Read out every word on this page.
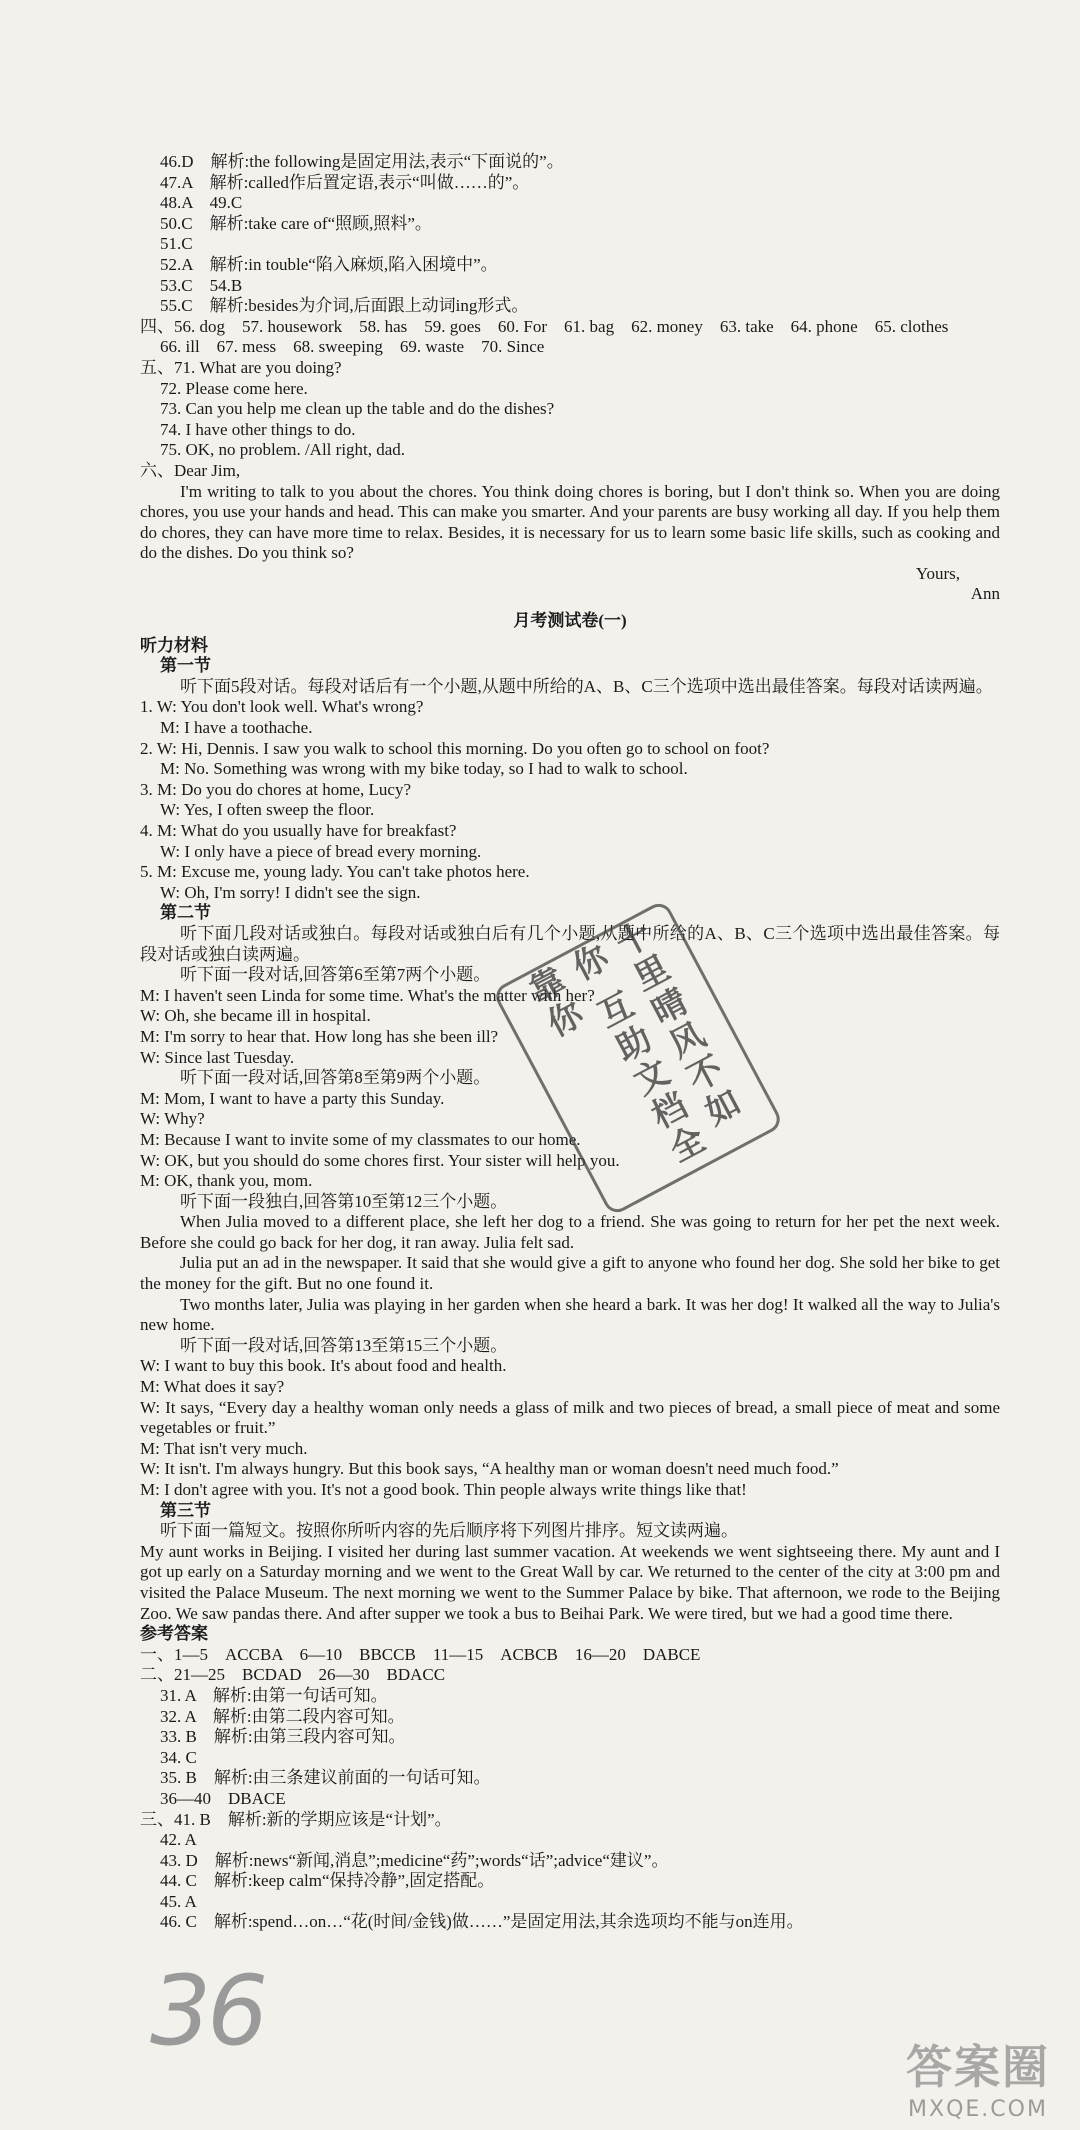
46.D　解析:the following是固定用法,表示“下面说的”。
47.A　解析:called作后置定语,表示“叫做……的”。
48.A　49.C
50.C　解析:take care of“照顾,照料”。
51.C
52.A　解析:in touble“陷入麻烦,陷入困境中”。
53.C　54.B
55.C　解析:besides为介词,后面跟上动词ing形式。
四、56. dog　57. housework　58. has　59. goes　60. For　61. bag　62. money　63. take　64. phone　65. clothes
66. ill　67. mess　68. sweeping　69. waste　70. Since
五、71. What are you doing?
72. Please come here.
73. Can you help me clean up the table and do the dishes?
74. I have other things to do.
75. OK, no problem. /All right, dad.
六、Dear Jim,
I'm writing to talk to you about the chores. You think doing chores is boring, but I don't think so. When you are doing chores, you use your hands and head. This can make you smarter. And your parents are busy working all day. If you help them do chores, they can have more time to relax. Besides, it is necessary for us to learn some basic life skills, such as cooking and do the dishes. Do you think so?
Yours,
Ann
月考测试卷(一)
听力材料
第一节
听下面5段对话。每段对话后有一个小题,从题中所给的A、B、C三个选项中选出最佳答案。每段对话读两遍。
1. W: You don't look well. What's wrong?
M: I have a toothache.
2. W: Hi, Dennis. I saw you walk to school this morning. Do you often go to school on foot?
M: No. Something was wrong with my bike today, so I had to walk to school.
3. M: Do you do chores at home, Lucy?
W: Yes, I often sweep the floor.
4. M: What do you usually have for breakfast?
W: I only have a piece of bread every morning.
5. M: Excuse me, young lady. You can't take photos here.
W: Oh, I'm sorry! I didn't see the sign.
第二节
听下面几段对话或独白。每段对话或独白后有几个小题,从题中所给的A、B、C三个选项中选出最佳答案。每段对话或独白读两遍。
听下面一段对话,回答第6至第7两个小题。
M: I haven't seen Linda for some time. What's the matter with her?
W: Oh, she became ill in hospital.
M: I'm sorry to hear that. How long has she been ill?
W: Since last Tuesday.
听下面一段对话,回答第8至第9两个小题。
M: Mom, I want to have a party this Sunday.
W: Why?
M: Because I want to invite some of my classmates to our home.
W: OK, but you should do some chores first. Your sister will help you.
M: OK, thank you, mom.
听下面一段独白,回答第10至第12三个小题。
When Julia moved to a different place, she left her dog to a friend. She was going to return for her pet the next week. Before she could go back for her dog, it ran away. Julia felt sad.
Julia put an ad in the newspaper. It said that she would give a gift to anyone who found her dog. She sold her bike to get the money for the gift. But no one found it.
Two months later, Julia was playing in her garden when she heard a bark. It was her dog! It walked all the way to Julia's new home.
听下面一段对话,回答第13至第15三个小题。
W: I want to buy this book. It's about food and health.
M: What does it say?
W: It says, “Every day a healthy woman only needs a glass of milk and two pieces of bread, a small piece of meat and some vegetables or fruit.”
M: That isn't very much.
W: It isn't. I'm always hungry. But this book says, “A healthy man or woman doesn't need much food.”
M: I don't agree with you. It's not a good book. Thin people always write things like that!
第三节
听下面一篇短文。按照你所听内容的先后顺序将下列图片排序。短文读两遍。
My aunt works in Beijing. I visited her during last summer vacation. At weekends we went sightseeing there. My aunt and I got up early on a Saturday morning and we went to the Great Wall by car. We returned to the center of the city at 3:00 pm and visited the Palace Museum. The next morning we went to the Summer Palace by bike. That afternoon, we rode to the Beijing Zoo. We saw pandas there. And after supper we took a bus to Beihai Park. We were tired, but we had a good time there.
参考答案
一、1—5　ACCBA　6—10　BBCCB　11—15　ACBCB　16—20　DABCE
二、21—25　BCDAD　26—30　BDACC
31. A　解析:由第一句话可知。
32. A　解析:由第二段内容可知。
33. B　解析:由第三段内容可知。
34. C
35. B　解析:由三条建议前面的一句话可知。
36—40　DBACE
三、41. B　解析:新的学期应该是“计划”。
42. A
43. D　解析:news“新闻,消息”;medicine“药”;words“话”;advice“建议”。
44. C　解析:keep calm“保持冷静”,固定搭配。
45. A
46. C　解析:spend…on…“花(时间/金钱)做……”是固定用法,其余选项均不能与on连用。
36
十里晴风不如你 互助文档全靠你
答案圈
MXQE.COM
